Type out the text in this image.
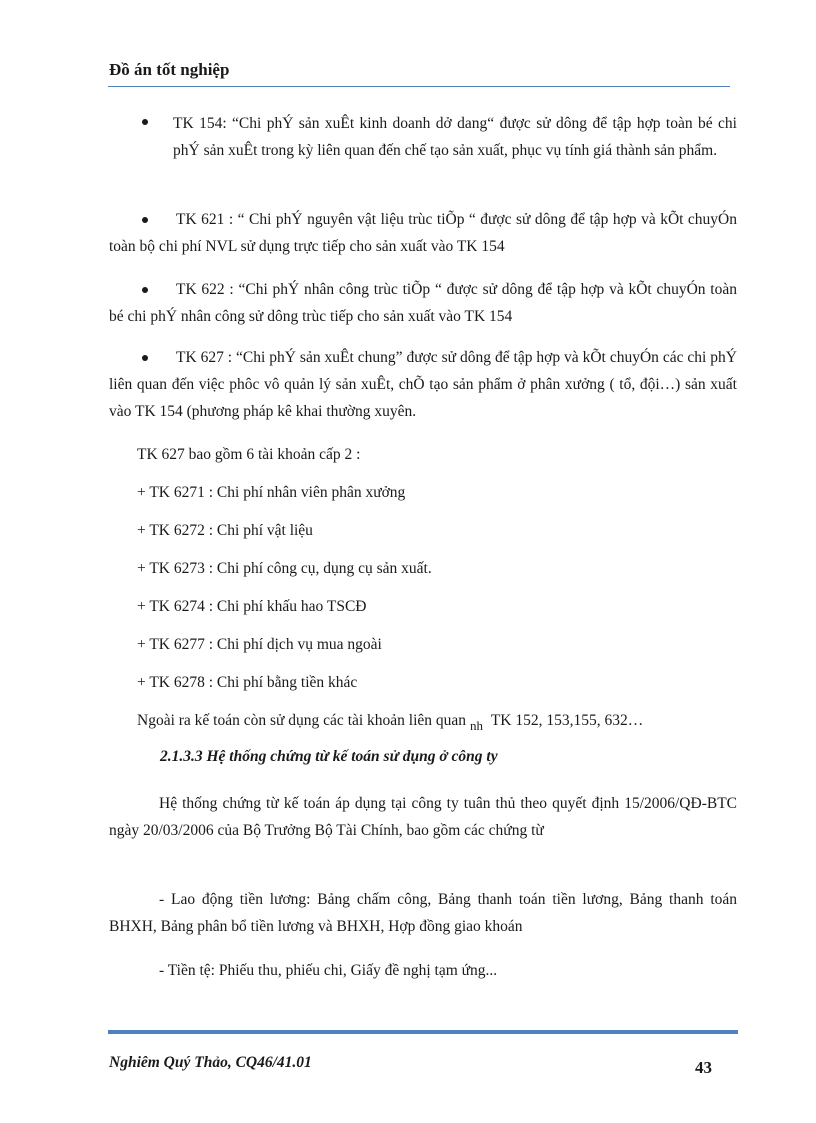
Đồ án tốt nghiệp
TK 154: “Chi phÝ sản xuÊt kinh doanh dở dang“ được sử dông để tập hợp toàn bé chi phÝ sản xuÊt trong kỳ liên quan đến chế tạo sản xuất, phục vụ tính giá thành sản phẩm.
TK 621 : “ Chi phÝ nguyên vật liệu trùc tiÕp “ được sử dông để tập hợp và kÕt chuyÓn toàn bộ chi phí NVL sử dụng trực tiếp cho sản xuất vào TK 154
TK 622 : “Chi phÝ nhân công trùc tiÕp “ được sử dông để tập hợp và kÕt chuyÓn toàn bé chi phÝ nhân công sử dông trùc tiếp cho sản xuất vào TK 154
TK 627 : “Chi phÝ sản xuÊt chung” được sử dông để tập hợp và kÕt chuyÓn các chi phÝ liên quan đến việc phôc vô quản lý sản xuÊt, chÕ tạo sản phẩm ở phân xưởng ( tổ, đội…) sản xuất vào TK 154 (phương pháp kê khai thường xuyên.
TK 627 bao gồm 6 tài khoản cấp 2 :
+ TK 6271 : Chi phí nhân viên phân xưởng
+ TK 6272 : Chi phí vật liệu
+ TK 6273 : Chi phí công cụ, dụng cụ sản xuất.
+ TK 6274 : Chi phí khấu hao TSCĐ
+ TK 6277 : Chi phí dịch vụ mua ngoài
+ TK 6278 : Chi phí bằng tiền khác
Ngoài ra kế toán còn sử dụng các tài khoản liên quan $_{nh}$ TK 152, 153,155, 632…
2.1.3.3 Hệ thống chứng từ kế toán sử dụng ở công ty
Hệ thống chứng từ kế toán áp dụng tại công ty tuân thủ theo quyết định 15/2006/QĐ-BTC ngày 20/03/2006 của Bộ Trưởng Bộ Tài Chính, bao gồm các chứng từ
- Lao động tiền lương: Bảng chấm công, Bảng thanh toán tiền lương, Bảng thanh toán BHXH, Bảng phân bổ tiền lương và BHXH, Hợp đồng giao khoán
- Tiền tệ: Phiếu thu, phiếu chi, Giấy đề nghị tạm ứng...
Nghiêm Quý Thảo, CQ46/41.01	43
